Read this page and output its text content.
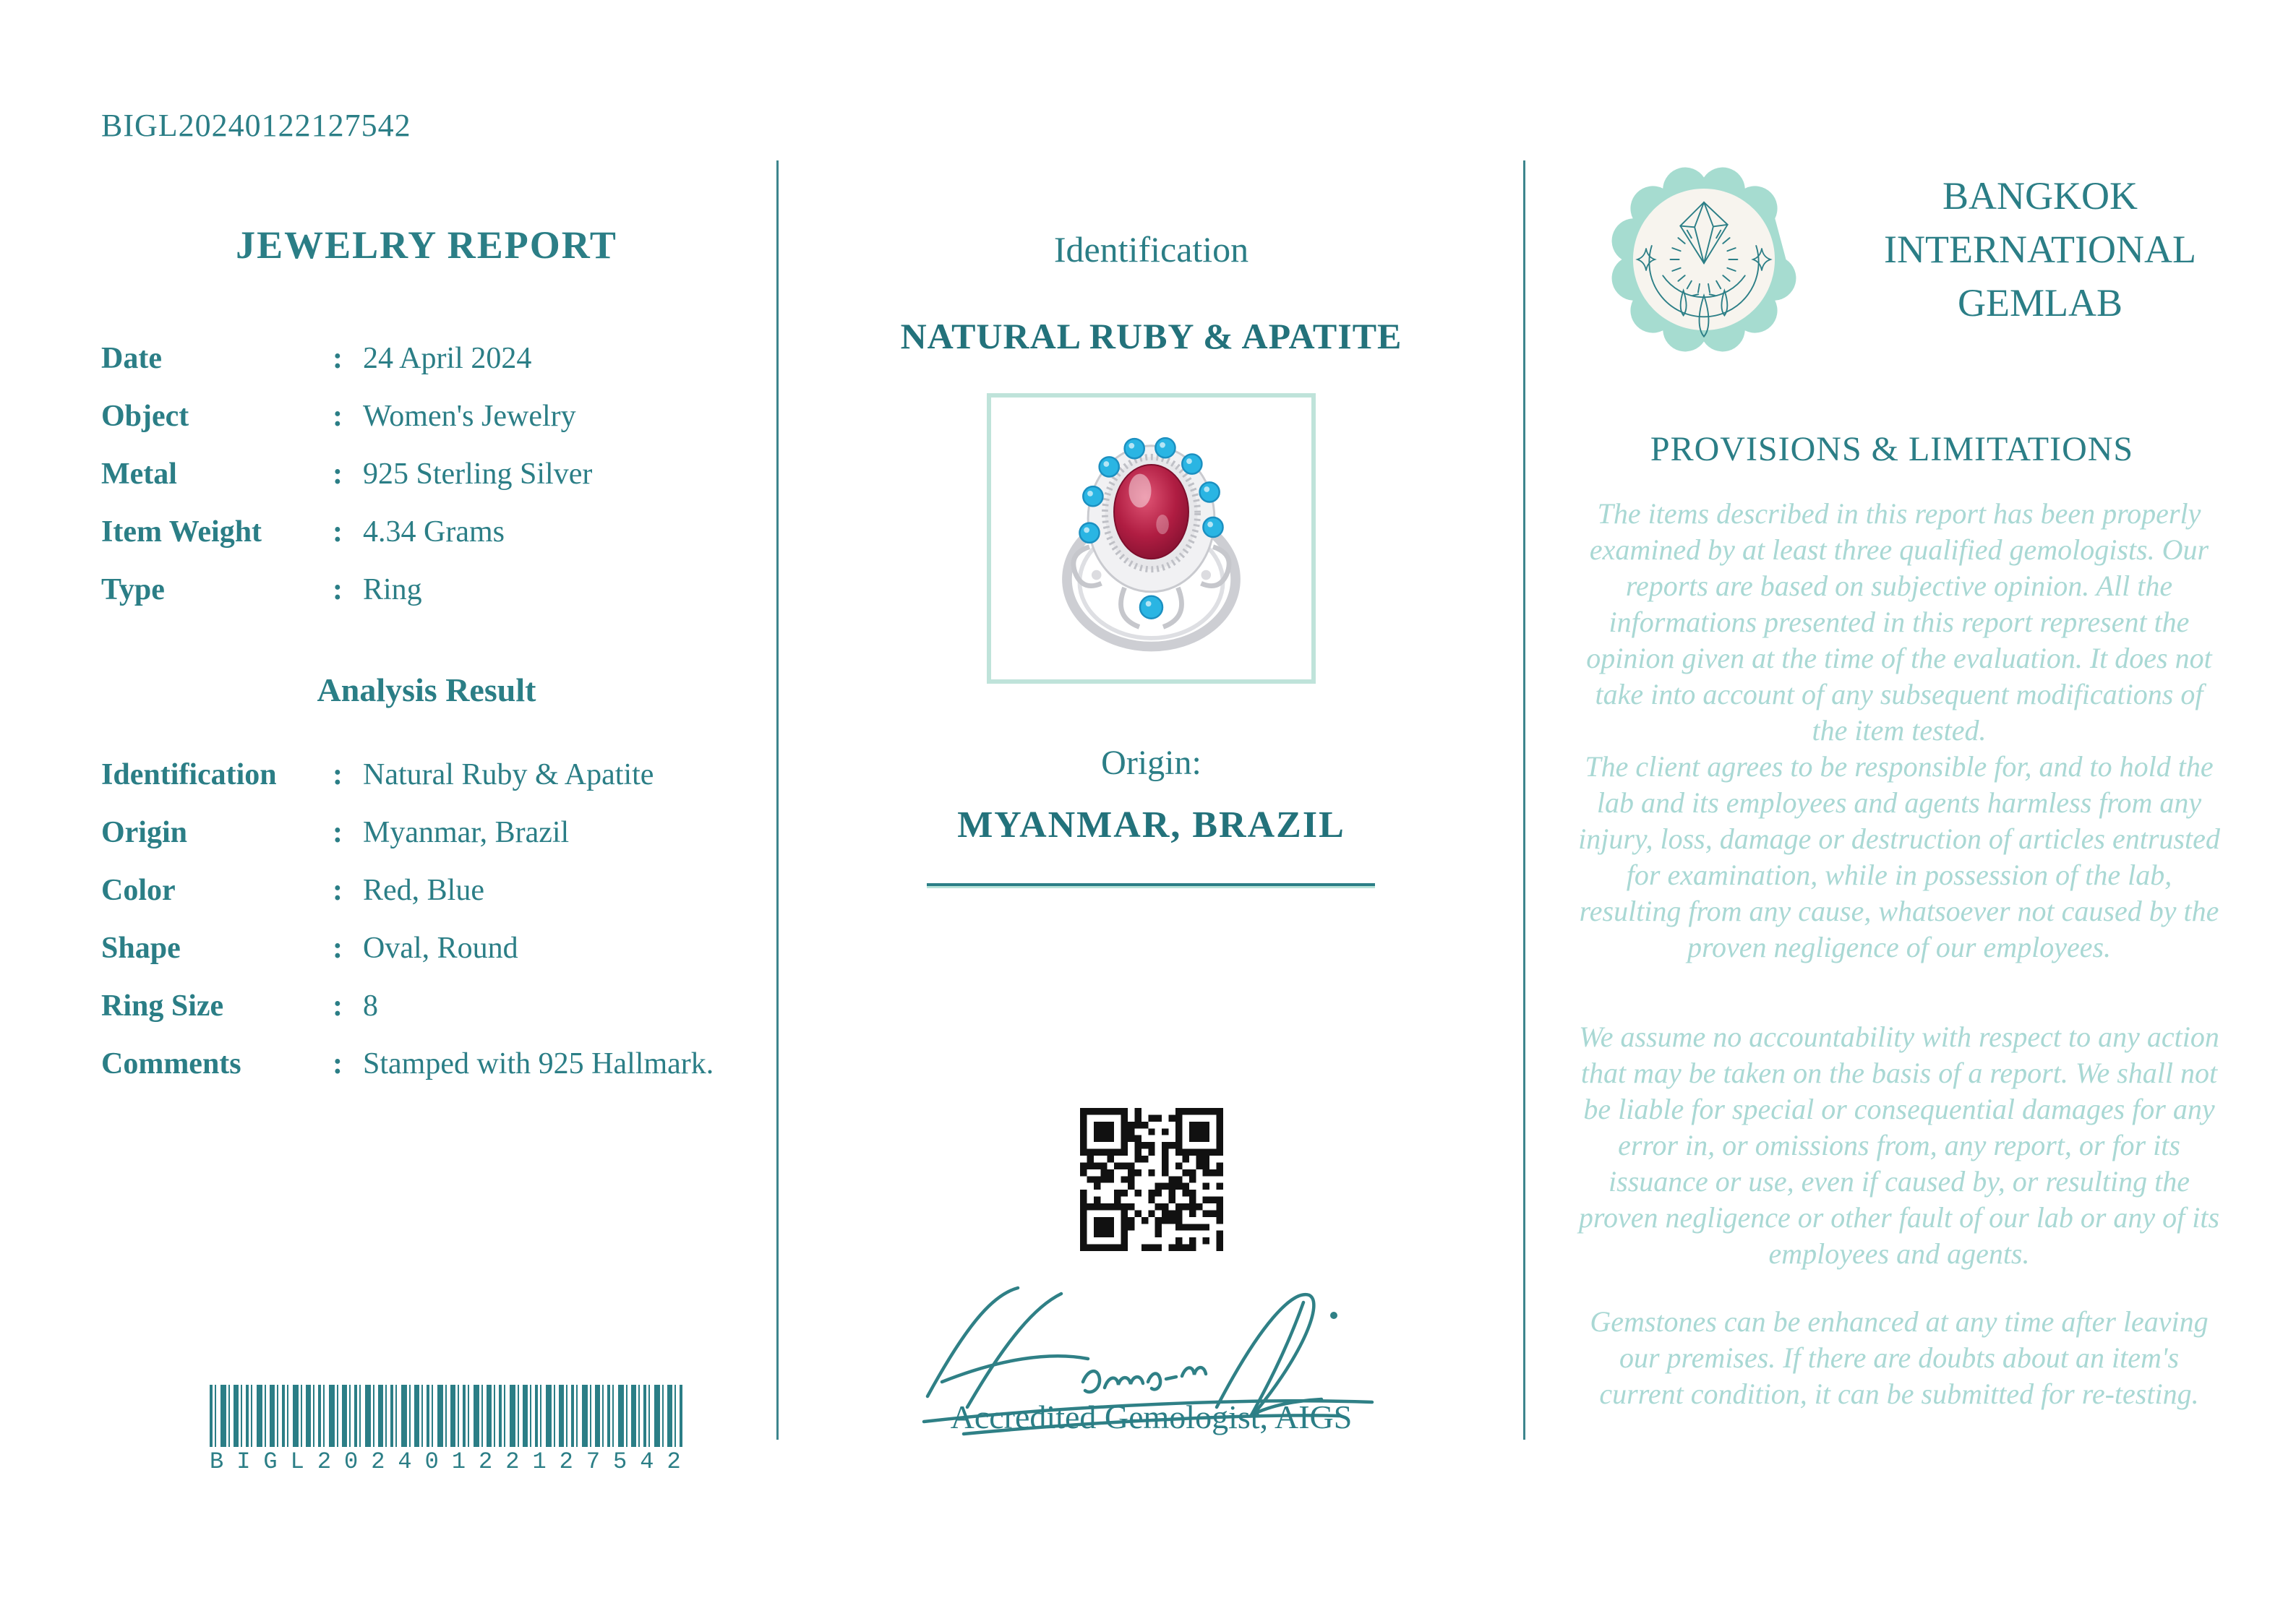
BIGL20240122127542
JEWELRY REPORT
Date	: 24 April 2024
Object	: Women's Jewelry
Metal	: 925 Sterling Silver
Item Weight	: 4.34 Grams
Type	: Ring
Analysis Result
Identification	: Natural Ruby & Apatite
Origin	: Myanmar, Brazil
Color	: Red, Blue
Shape	: Oval, Round
Ring Size	: 8
Comments	: Stamped with 925 Hallmark.
BIGL20240122127542
Identification
NATURAL RUBY & APATITE
Origin:
MYANMAR, BRAZIL
Accredited Gemologist, AIGS
BANGKOK
INTERNATIONAL
GEMLAB
PROVISIONS & LIMITATIONS

The items described in this report has been properly examined by at least three qualified gemologists. Our reports are based on subjective opinion. All the informations presented in this report represent the opinion given at the time of the evaluation. It does not take into account of any subsequent modifications of the item tested.

The client agrees to be responsible for, and to hold the lab and its employees and agents harmless from any injury, loss, damage or destruction of articles entrusted for examination, while in possession of the lab, resulting from any cause, whatsoever not caused by the proven negligence of our employees.

We assume no accountability with respect to any action that may be taken on the basis of a report. We shall not be liable for special or consequential damages for any error in, or omissions from, any report, or for its issuance or use, even if caused by, or resulting the proven negligence or other fault of our lab or any of its employees and agents.

Gemstones can be enhanced at any time after leaving our premises. If there are doubts about an item's current condition, it can be submitted for re-testing.
